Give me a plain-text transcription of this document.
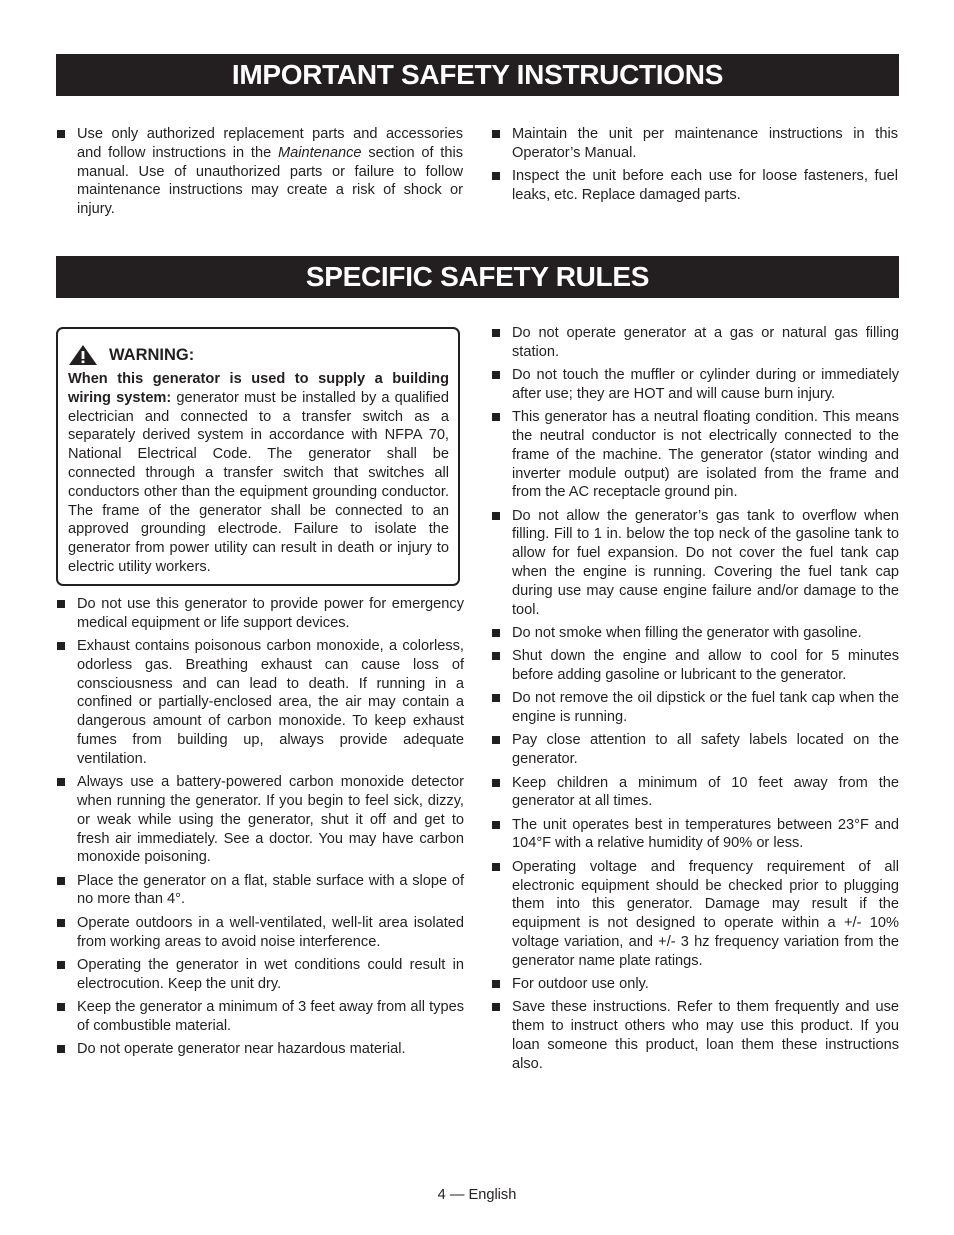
IMPORTANT SAFETY INSTRUCTIONS
Use only authorized replacement parts and accessories and follow instructions in the Maintenance section of this manual. Use of unauthorized parts or failure to follow maintenance instructions may create a risk of shock or injury.
Maintain the unit per maintenance instructions in this Operator’s Manual.
Inspect the unit before each use for loose fasteners, fuel leaks, etc. Replace damaged parts.
SPECIFIC SAFETY RULES
WARNING:
When this generator is used to supply a building wiring system: generator must be installed by a qualified electrician and connected to a transfer switch as a separately derived system in accordance with NFPA 70, National Electrical Code. The generator shall be connected through a transfer switch that switches all conductors other than the equipment grounding conductor. The frame of the generator shall be connected to an approved grounding electrode. Failure to isolate the generator from power utility can result in death or injury to electric utility workers.
Do not use this generator to provide power for emergency medical equipment or life support devices.
Exhaust contains poisonous carbon monoxide, a colorless, odorless gas. Breathing exhaust can cause loss of consciousness and can lead to death. If running in a confined or partially-enclosed area, the air may contain a dangerous amount of carbon monoxide. To keep exhaust fumes from building up, always provide adequate ventilation.
Always use a battery-powered carbon monoxide detector when running the generator. If you begin to feel sick, dizzy, or weak while using the generator, shut it off and get to fresh air immediately. See a doctor. You may have carbon monoxide poisoning.
Place the generator on a flat, stable surface with a slope of no more than 4°.
Operate outdoors in a well-ventilated, well-lit area isolated from working areas to avoid noise interference.
Operating the generator in wet conditions could result in electrocution. Keep the unit dry.
Keep the generator a minimum of 3 feet away from all types of combustible material.
Do not operate generator near hazardous material.
Do not operate generator at a gas or natural gas filling station.
Do not touch the muffler or cylinder during or immediately after use; they are HOT and will cause burn injury.
This generator has a neutral floating condition. This means the neutral conductor is not electrically connected to the frame of the machine. The generator (stator winding and inverter module output) are isolated from the frame and from the AC receptacle ground pin.
Do not allow the generator’s gas tank to overflow when filling. Fill to 1 in. below the top neck of the gasoline tank to allow for fuel expansion. Do not cover the fuel tank cap when the engine is running. Covering the fuel tank cap during use may cause engine failure and/or damage to the tool.
Do not smoke when filling the generator with gasoline.
Shut down the engine and allow to cool for 5 minutes before adding gasoline or lubricant to the generator.
Do not remove the oil dipstick or the fuel tank cap when the engine is running.
Pay close attention to all safety labels located on the generator.
Keep children a minimum of 10 feet away from the generator at all times.
The unit operates best in temperatures between 23°F and 104°F with a relative humidity of 90% or less.
Operating voltage and frequency requirement of all electronic equipment should be checked prior to plugging them into this generator. Damage may result if the equipment is not designed to operate within a +/- 10% voltage variation, and +/- 3 hz frequency variation from the generator name plate ratings.
For outdoor use only.
Save these instructions. Refer to them frequently and use them to instruct others who may use this product. If you loan someone this product, loan them these instructions also.
4 — English
